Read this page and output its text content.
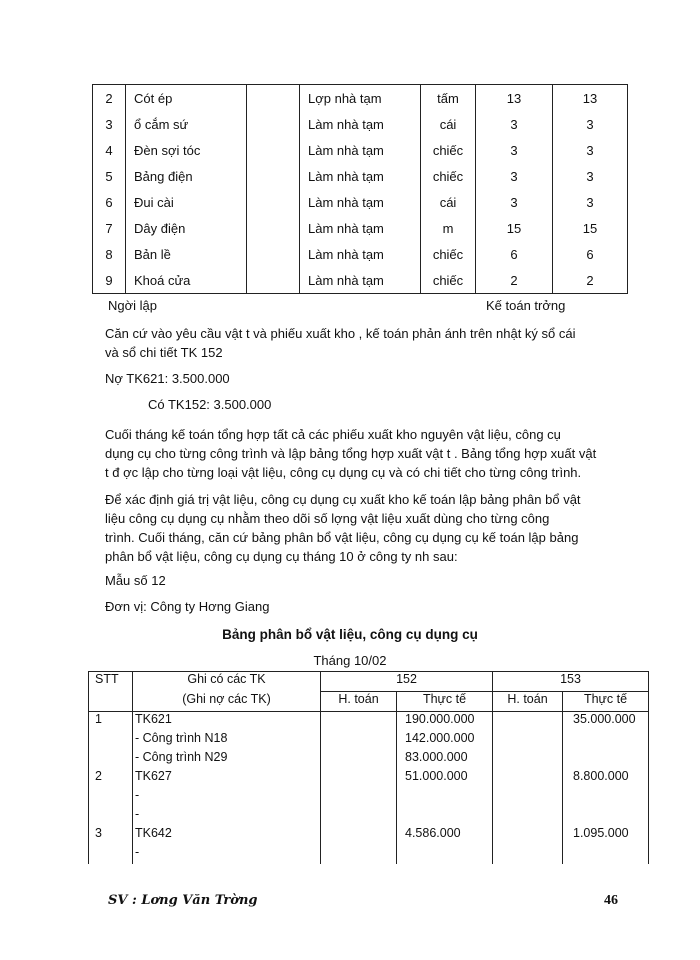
2	Cót ép		Lợp nhà tạm	tấm	13	13
3	ổ cắm sứ		Làm nhà tạm	cái	3	3
4	Đèn sợi tóc		Làm nhà tạm	chiếc	3	3
5	Bảng điện		Làm nhà tạm	chiếc	3	3
6	Đui cài		Làm nhà tạm	cái	3	3
7	Dây điện		Làm nhà tạm	m	15	15
8	Bản lề		Làm nhà tạm	chiếc	6	6
9	Khoá cửa		Làm nhà tạm	chiếc	2	2
Ngời lập	Kế toán trởng
Căn cứ vào yêu cầu vật t và phiếu xuất kho , kế toán phản ánh trên nhật ký sổ cái
và sổ chi tiết TK 152
Nợ TK621: 3.500.000
Có TK152: 3.500.000
Cuối tháng kế toán tổng hợp tất cả các phiếu xuất kho nguyên vật liệu, công cụ
dụng cụ cho từng công trình và lập bảng tổng hợp xuất vật t . Bảng tổng hợp xuất vật
t đ ợc lập cho từng loại vật liệu, công cụ dụng cụ và có chi tiết cho từng công trình.
Để xác định giá trị vật liệu, công cụ dụng cụ xuất kho kế toán lập bảng phân bổ vật
liệu công cụ dụng cụ nhằm theo dõi số lợng vật liệu xuất dùng cho từng công
trình. Cuối tháng, căn cứ bảng phân bổ vật liệu, công cụ dụng cụ kế toán lập bảng
phân bổ vật liệu, công cụ dụng cụ tháng 10 ở công ty nh sau:
Mẫu số 12
Đơn vị: Công ty Hơng Giang
Bảng phân bổ vật liệu, công cụ dụng cụ
Tháng 10/02
STT	Ghi có các TK	152		153	
	(Ghi nợ các TK)	H. toán	Thực tế	H. toán	Thực tế
1	TK621		190.000.000		35.000.000
	- Công trình N18		142.000.000		
	- Công trình N29		83.000.000		
2	TK627		51.000.000		8.800.000
	-				
	-				
3	TK642		4.586.000		1.095.000
	-				
SV : Lơng Văn Trờng	46
